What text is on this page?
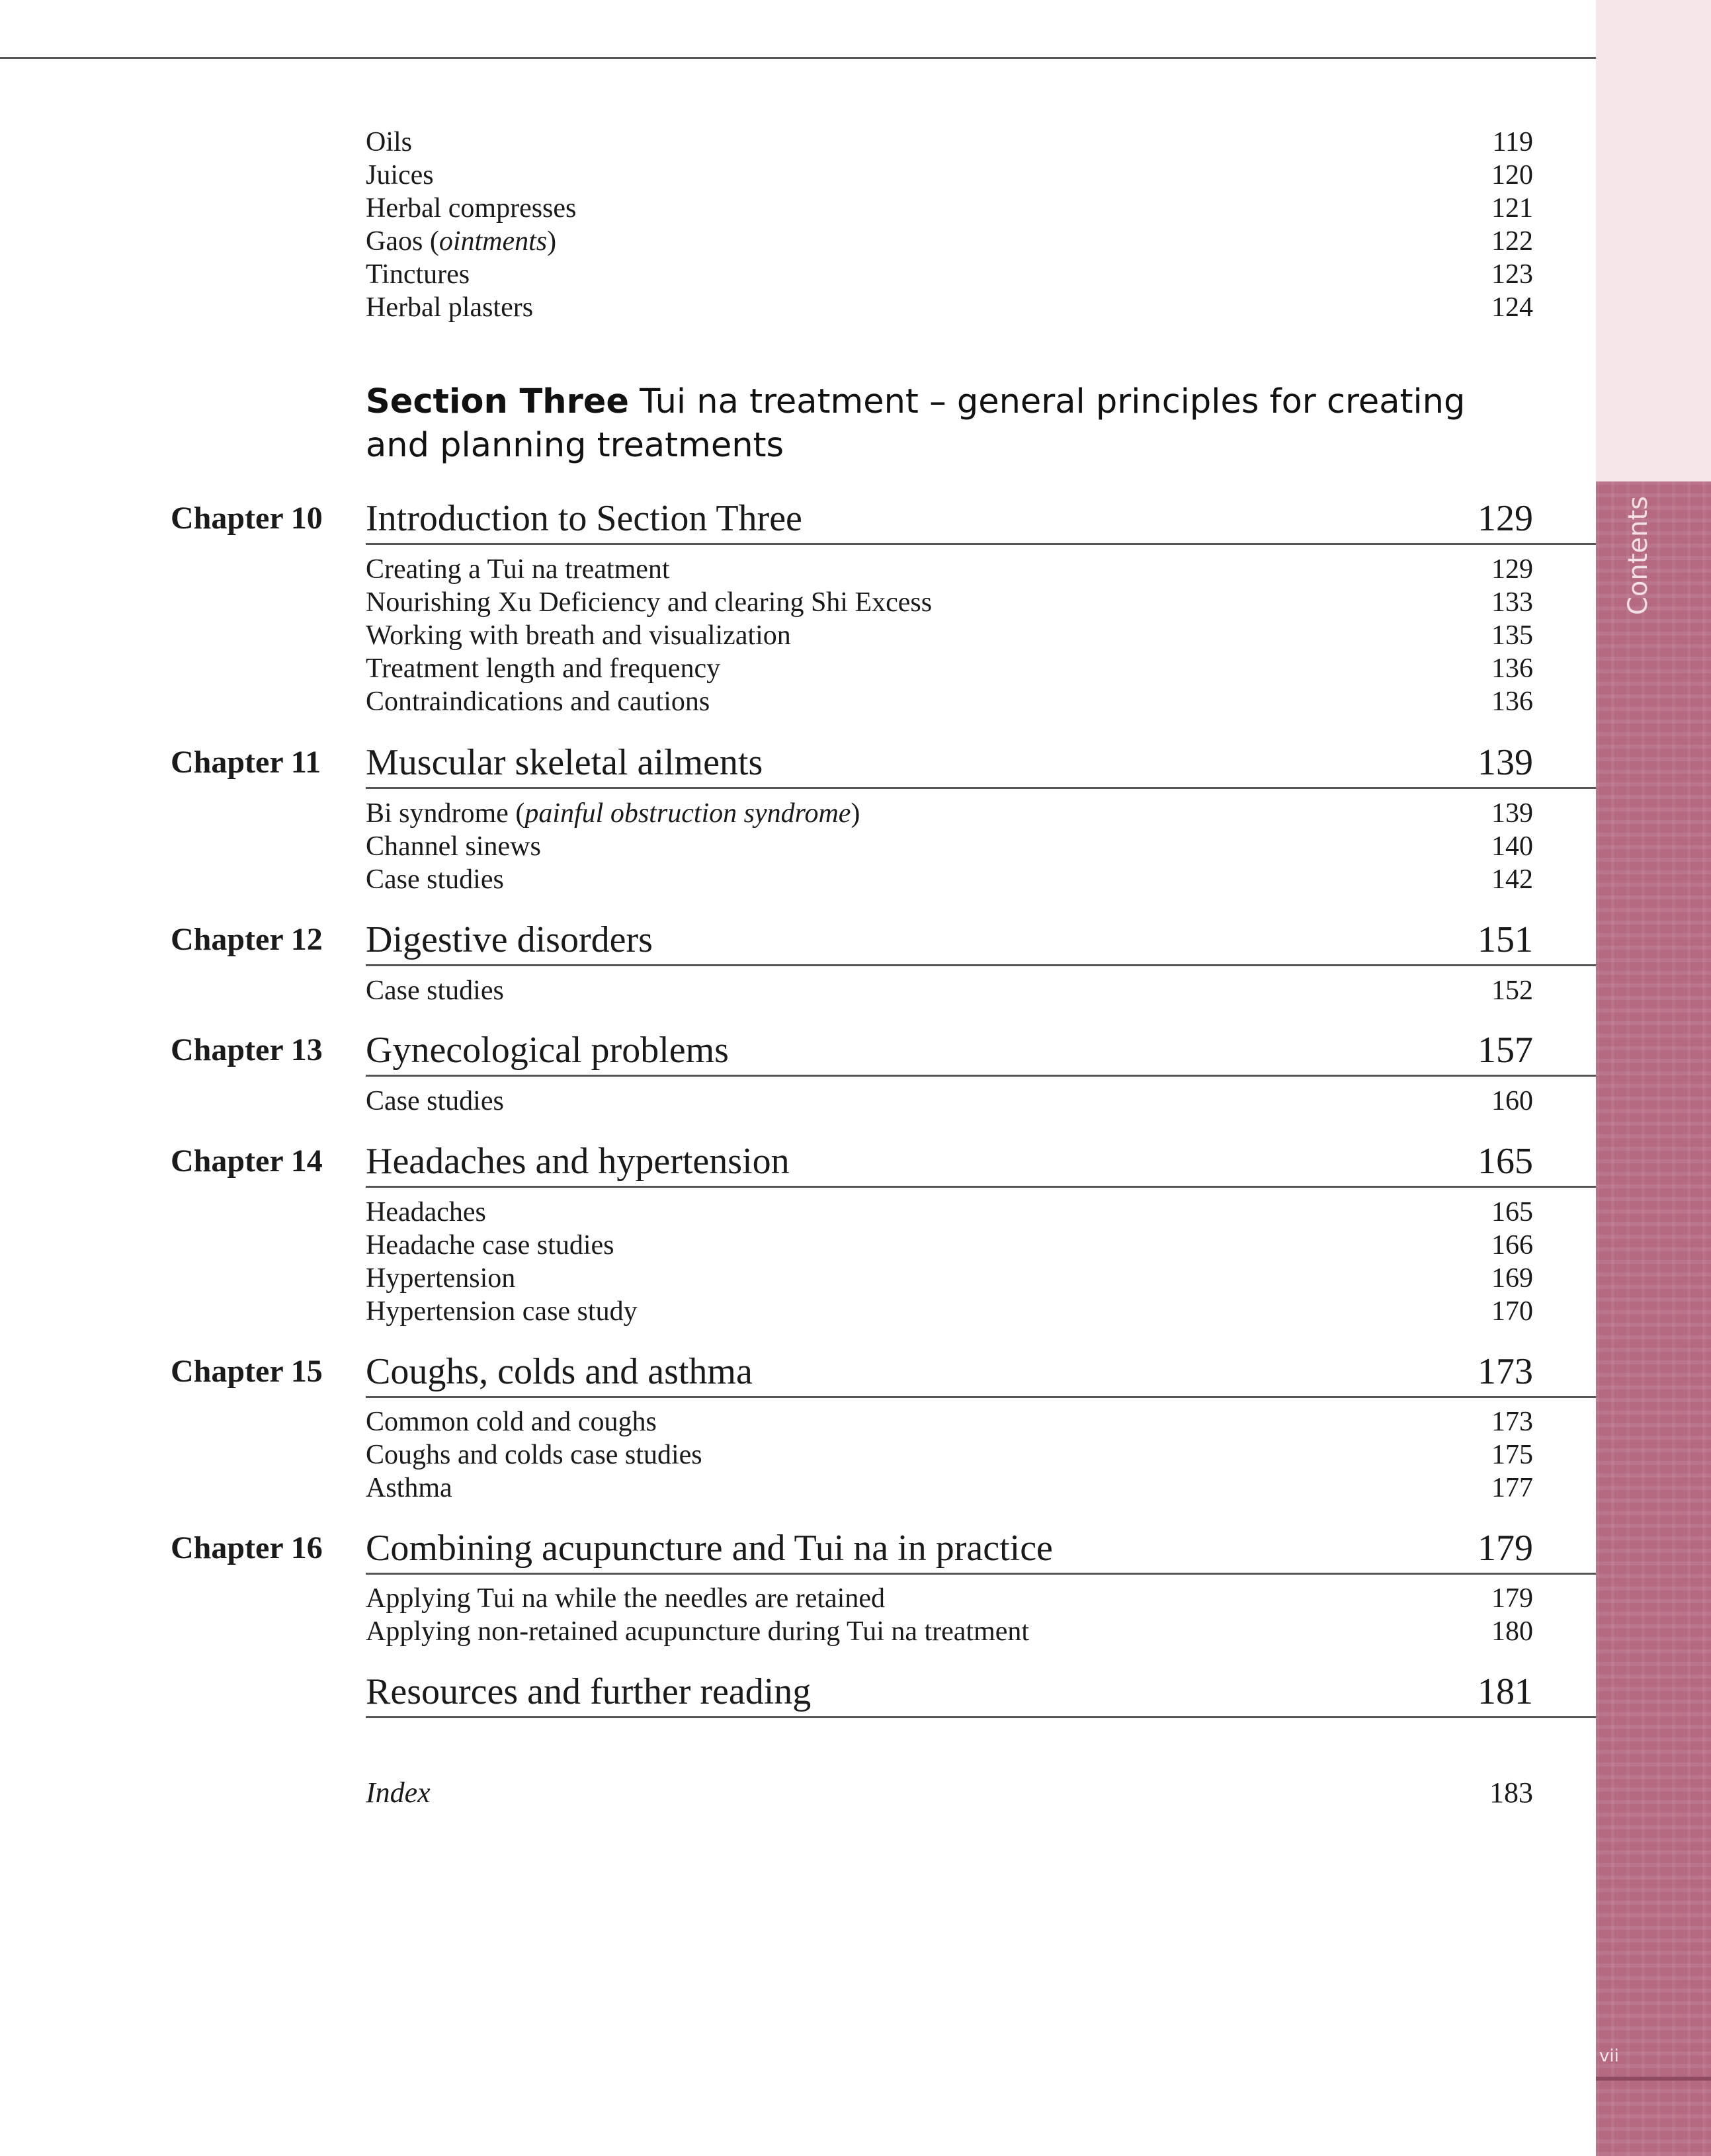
vii
Oils	119
Juices	120
Herbal compresses	121
Gaos (ointments)	122
Tinctures	123
Herbal plasters	124
Section Three Tui na treatment – general principles for creating and planning treatments
Chapter 10	Introduction to Section Three	129
Creating a Tui na treatment	129
Nourishing Xu Deficiency and clearing Shi Excess	133
Working with breath and visualization	135
Treatment length and frequency	136
Contraindications and cautions	136
Chapter 11	Muscular skeletal ailments	139
Bi syndrome (painful obstruction syndrome)	139
Channel sinews	140
Case studies	142
Chapter 12	Digestive disorders	151
Case studies	152
Chapter 13	Gynecological problems	157
Case studies	160
Chapter 14	Headaches and hypertension	165
Headaches	165
Headache case studies	166
Hypertension	169
Hypertension case study	170
Chapter 15	Coughs, colds and asthma	173
Common cold and coughs	173
Coughs and colds case studies	175
Asthma	177
Chapter 16	Combining acupuncture and Tui na in practice	179
Applying Tui na while the needles are retained	179
Applying non-retained acupuncture during Tui na treatment	180
Resources and further reading	181
Index	183
